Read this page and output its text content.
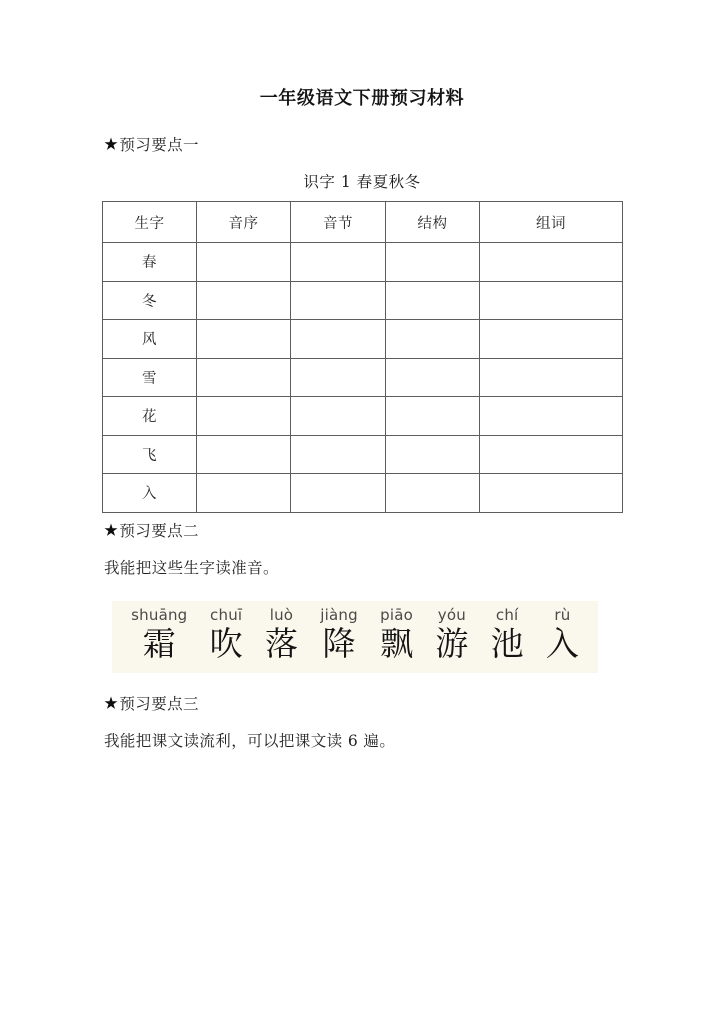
一年级语文下册预习材料
★预习要点一
识字 1 春夏秋冬
生字	音序	音节	结构	组词
春				
冬				
风				
雪				
花				
飞				
入				
★预习要点二
我能把这些生字读准音。
shuāng
霜
chuī
吹
luò
落
jiàng
降
piāo
飘
yóu
游
chí
池
rù
入
★预习要点三
我能把课文读流利，可以把课文读 6 遍。
